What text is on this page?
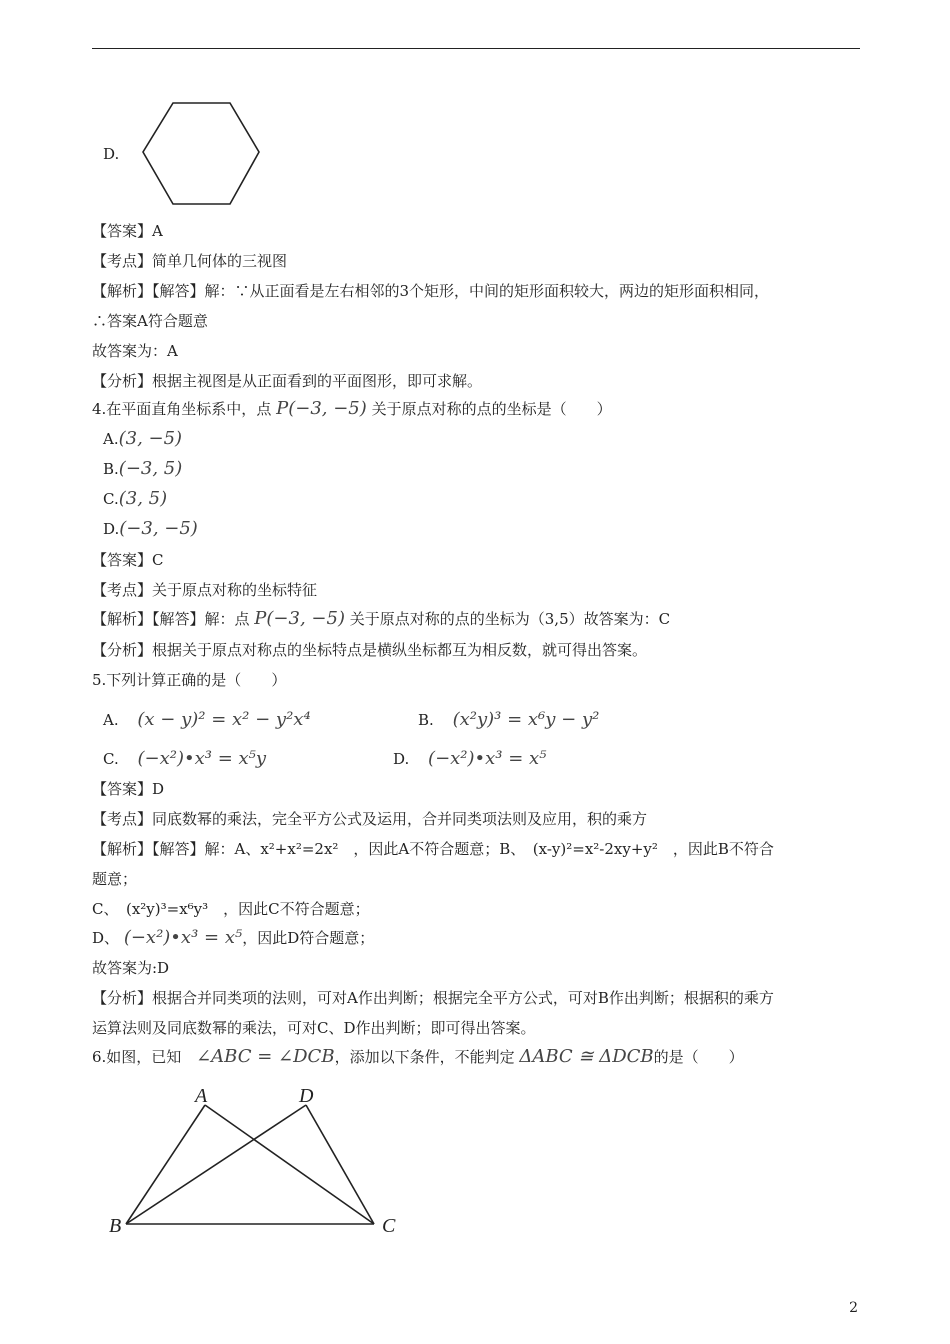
D.
【答案】A
【考点】简单几何体的三视图
【解析】【解答】解：∵从正面看是左右相邻的3个矩形，中间的矩形面积较大，两边的矩形面积相同，
∴答案A符合题意
故答案为：A
【分析】根据主视图是从正面看到的平面图形，即可求解。
4.在平面直角坐标系中，点 P(−3, −5) 关于原点对称的点的坐标是（　　）
A.(3, −5)
B.(−3, 5)
C.(3, 5)
D.(−3, −5)
【答案】C
【考点】关于原点对称的坐标特征
【解析】【解答】解：点 P(−3, −5) 关于原点对称的点的坐标为（3,5）故答案为：C
【分析】根据关于原点对称点的坐标特点是横纵坐标都互为相反数，就可得出答案。
5.下列计算正确的是（　　）
A. (x − y)² = x² − y²x⁴	B. (x²y)³ = x⁶y − y²
C. (−x²)•x³ = x⁵y	D. (−x²)•x³ = x⁵
【答案】D
【考点】同底数幂的乘法，完全平方公式及运用，合并同类项法则及应用，积的乘方
【解析】【解答】解：A、x²+x²=2x²　，因此A不符合题意；B、　(x-y)²=x²-2xy+y²　，因此B不符合
题意；
C、　(x²y)³=x⁶y³　，因此C不符合题意；
D、 (−x²)•x³ = x⁵，因此D符合题意；
故答案为:D
【分析】根据合并同类项的法则，可对A作出判断；根据完全平方公式，可对B作出判断；根据积的乘方
运算法则及同底数幂的乘法，可对C、D作出判断；即可得出答案。
6.如图，已知 ∠ABC = ∠DCB，添加以下条件，不能判定 ΔABC ≅ ΔDCB的是（　　）
A	D
B	C
2
